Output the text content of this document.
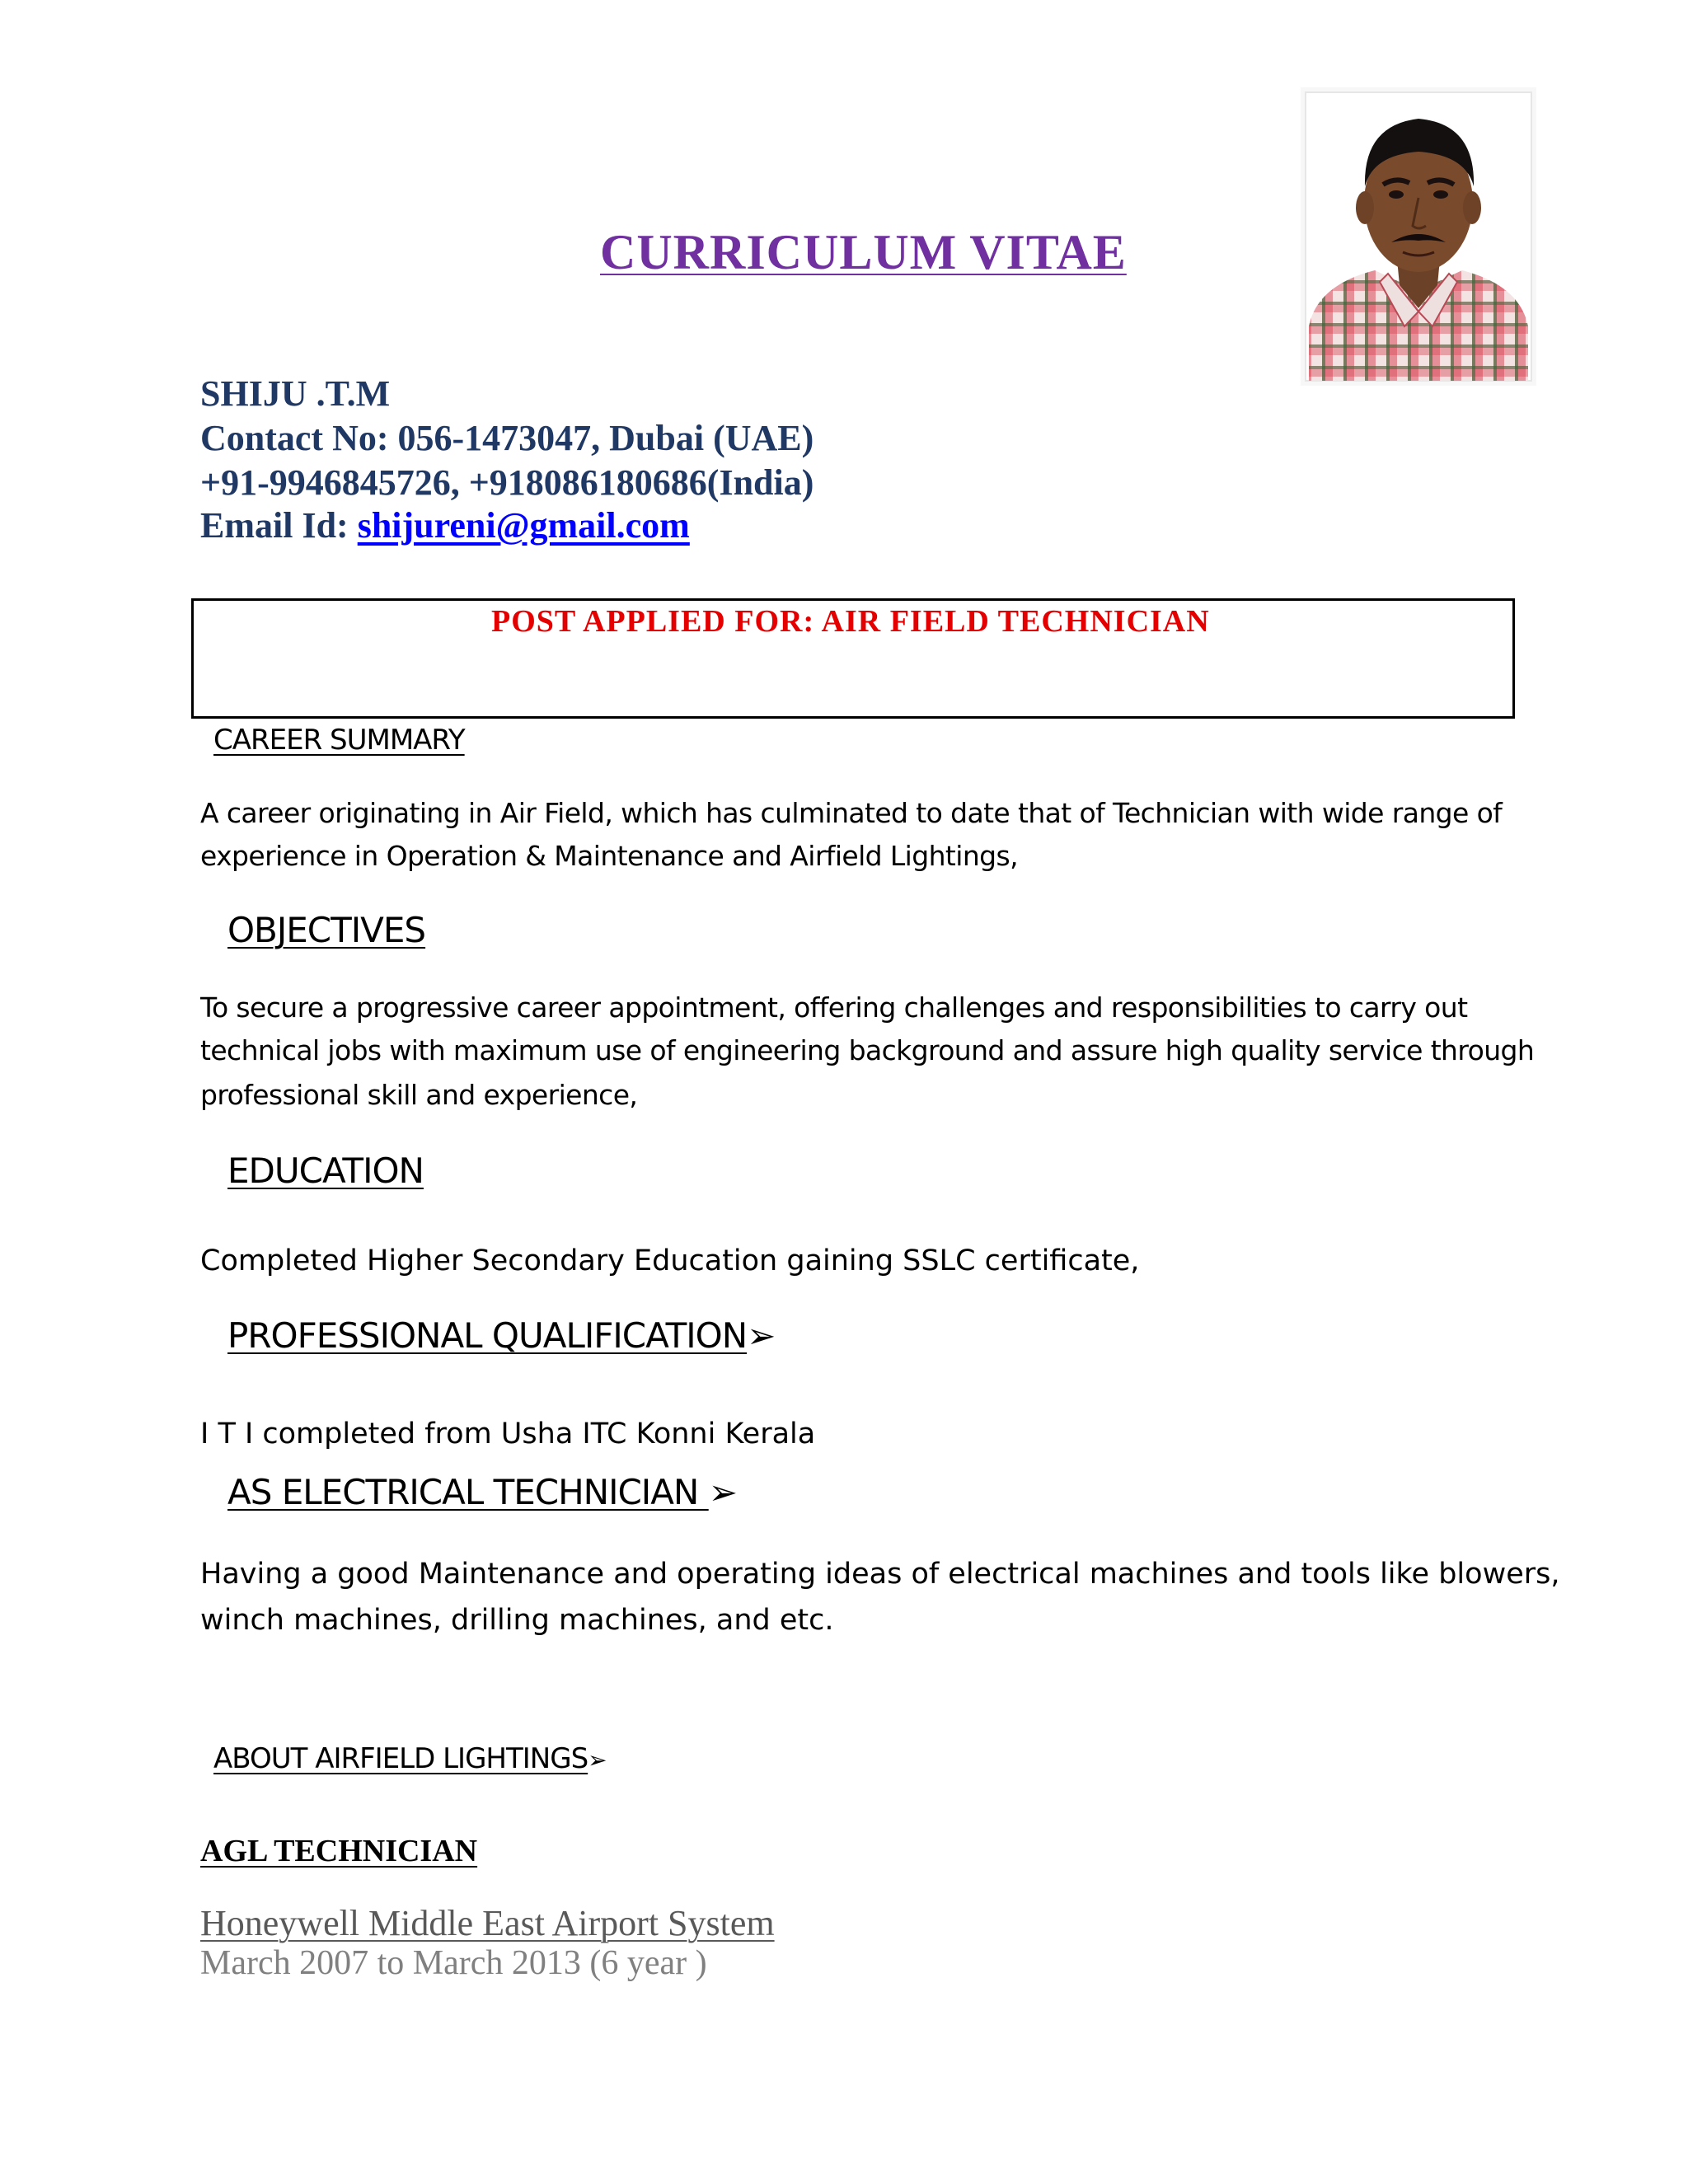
CURRICULUM VITAE
SHIJU .T.M
Contact No: 056-1473047, Dubai (UAE)
+91-9946845726, +918086180686(India)
Email Id: shijureni@gmail.com
POST APPLIED FOR: AIR FIELD TECHNICIAN
CAREER SUMMARY
A career originating in Air Field, which has culminated to date that of Technician with wide range of
experience in Operation & Maintenance and Airfield Lightings,
OBJECTIVES
To secure a progressive career appointment, offering challenges and responsibilities to carry out
technical jobs with maximum use of engineering background and assure high quality service through
professional skill and experience,
EDUCATION
Completed Higher Secondary Education gaining SSLC certificate,
PROFESSIONAL QUALIFICATION➢
I T I completed from Usha ITC Konni Kerala
AS ELECTRICAL TECHNICIAN ➢
Having a good Maintenance and operating ideas of electrical machines and tools like blowers,
winch machines, drilling machines, and etc.
ABOUT AIRFIELD LIGHTINGS➢
AGL TECHNICIAN
Honeywell Middle East Airport System
March 2007 to March 2013 (6 year )
